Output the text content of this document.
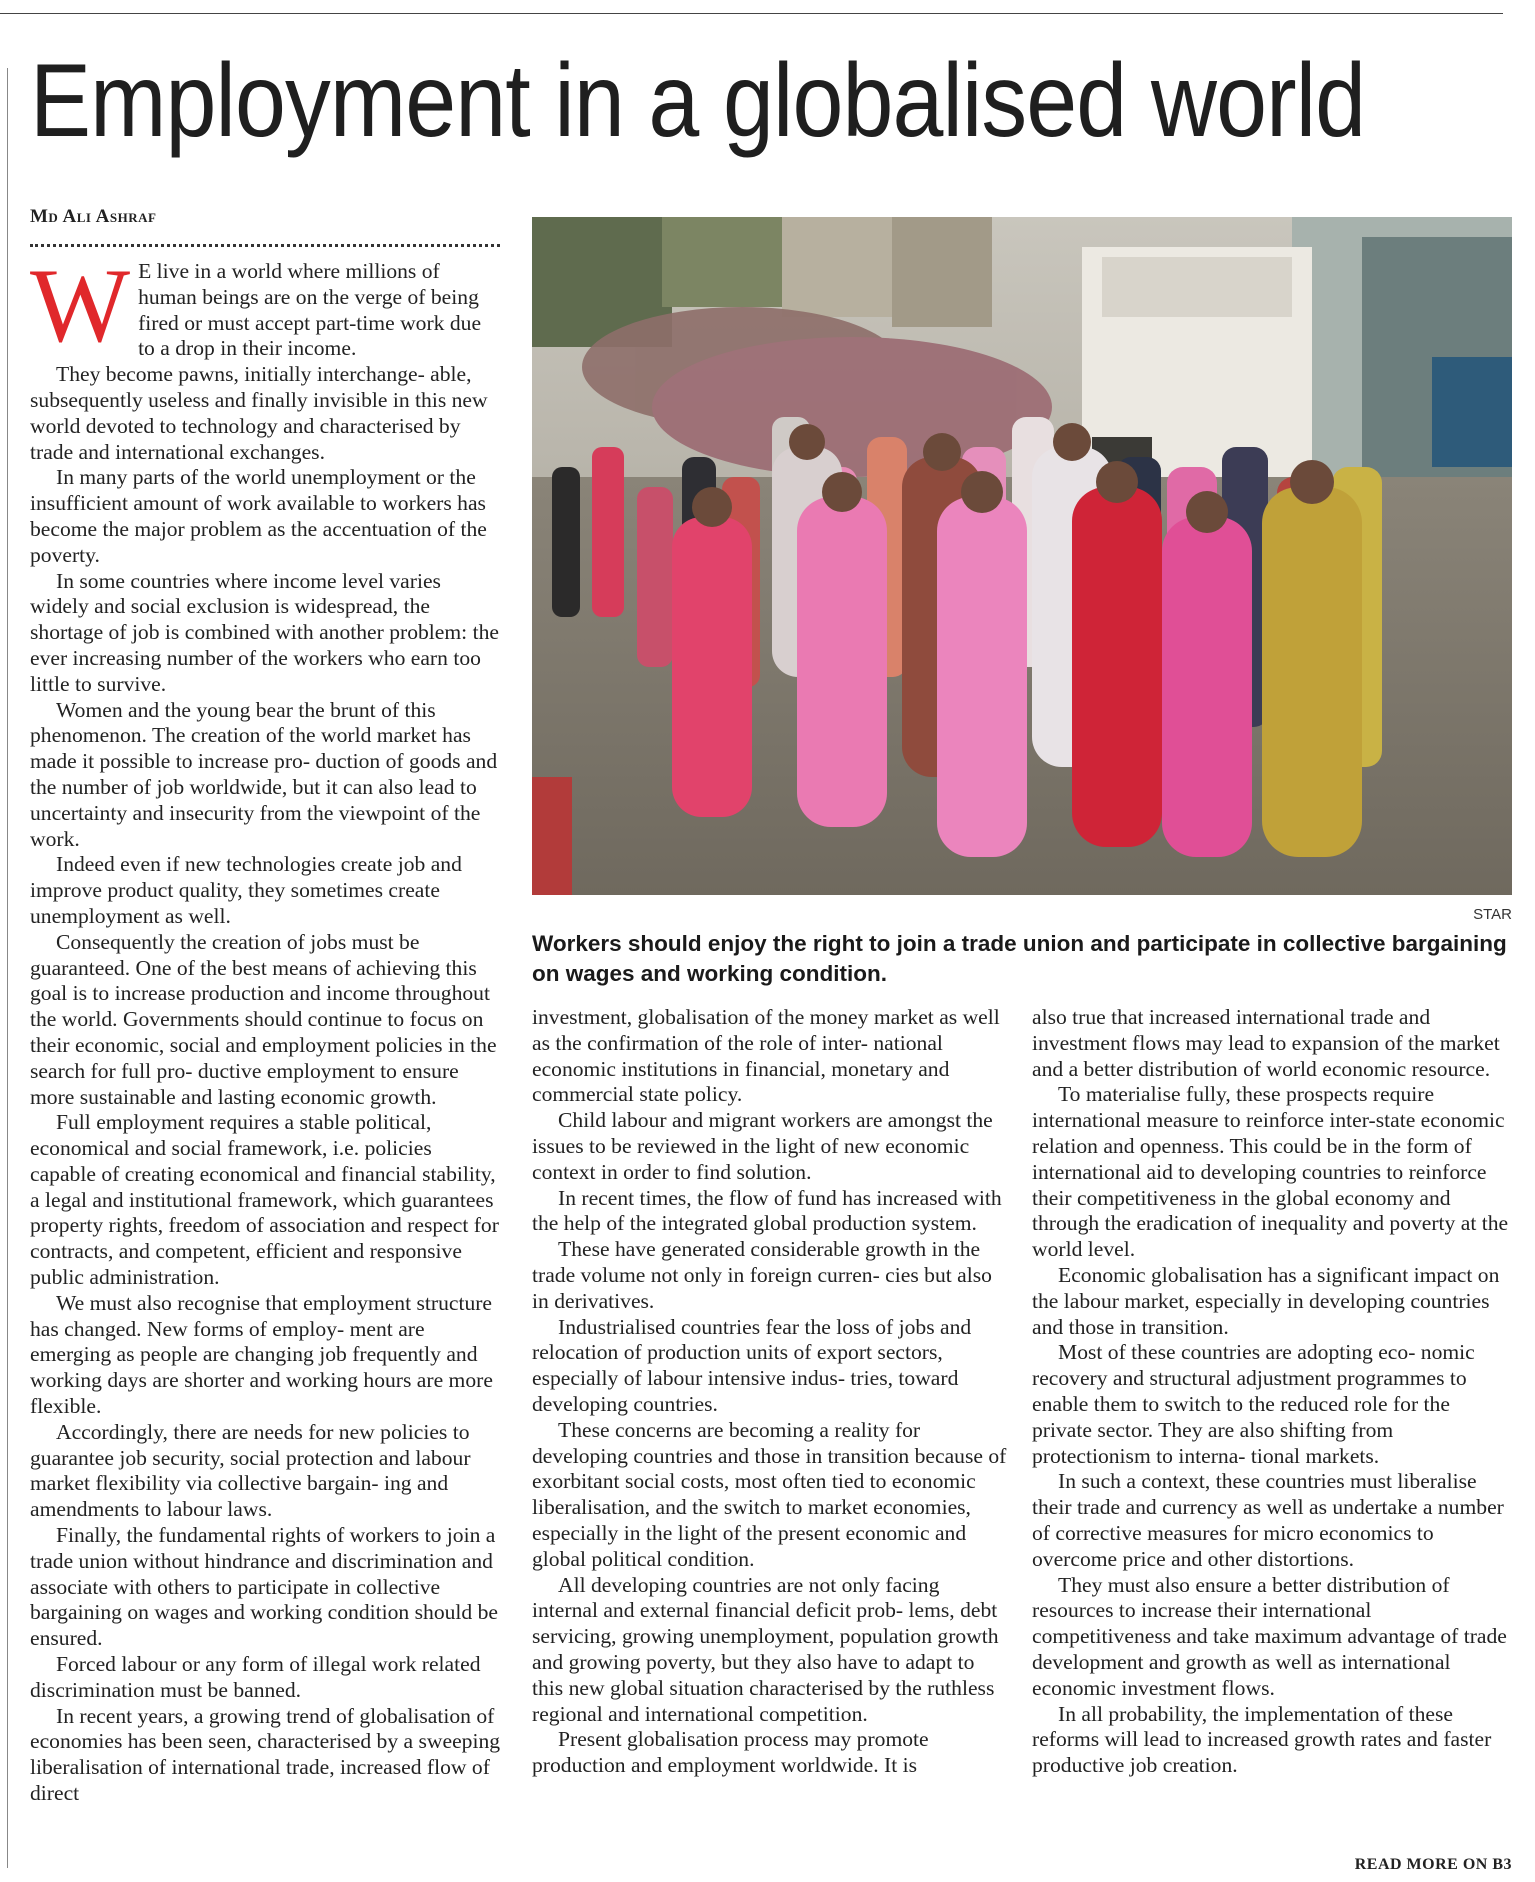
Employment in a globalised world
Md Ali Ashraf

W E live in a world where millions of human beings are on the verge of being fired or must accept part-time work due to a drop in their income.

They become pawns, initially interchange- able, subsequently useless and finally invisible in this new world devoted to technology and characterised by trade and international exchanges.

In many parts of the world unemployment or the insufficient amount of work available to workers has become the major problem as the accentuation of the poverty.

In some countries where income level varies widely and social exclusion is widespread, the shortage of job is combined with another problem: the ever increasing number of the workers who earn too little to survive.

Women and the young bear the brunt of this phenomenon. The creation of the world market has made it possible to increase pro- duction of goods and the number of job worldwide, but it can also lead to uncertainty and insecurity from the viewpoint of the work.

Indeed even if new technologies create job and improve product quality, they sometimes create unemployment as well.

Consequently the creation of jobs must be guaranteed. One of the best means of achieving this goal is to increase production and income throughout the world. Governments should continue to focus on their economic, social and employment policies in the search for full pro- ductive employment to ensure more sustainable and lasting economic growth.

Full employment requires a stable political, economical and social framework, i.e. policies capable of creating economical and financial stability, a legal and institutional framework, which guarantees property rights, freedom of association and respect for contracts, and competent, efficient and responsive public administration.

We must also recognise that employment structure has changed. New forms of employ- ment are emerging as people are changing job frequently and working days are shorter and working hours are more flexible.

Accordingly, there are needs for new policies to guarantee job security, social protection and labour market flexibility via collective bargain- ing and amendments to labour laws.

Finally, the fundamental rights of workers to join a trade union without hindrance and discrimination and associate with others to participate in collective bargaining on wages and working condition should be ensured.

Forced labour or any form of illegal work related discrimination must be banned.

In recent years, a growing trend of globalisation of economies has been seen, characterised by a sweeping liberalisation of international trade, increased flow of direct

STAR
Workers should enjoy the right to join a trade union and participate in collective bargaining on wages and working condition.

investment, globalisation of the money market as well as the confirmation of the role of inter- national economic institutions in financial, monetary and commercial state policy.

Child labour and migrant workers are amongst the issues to be reviewed in the light of new economic context in order to find solution.

In recent times, the flow of fund has increased with the help of the integrated global production system.

These have generated considerable growth in the trade volume not only in foreign curren- cies but also in derivatives.

Industrialised countries fear the loss of jobs and relocation of production units of export sectors, especially of labour intensive indus- tries, toward developing countries.

These concerns are becoming a reality for developing countries and those in transition because of exorbitant social costs, most often tied to economic liberalisation, and the switch to market economies, especially in the light of the present economic and global political condition.

All developing countries are not only facing internal and external financial deficit prob- lems, debt servicing, growing unemployment, population growth and growing poverty, but they also have to adapt to this new global situation characterised by the ruthless regional and international competition.

Present globalisation process may promote production and employment worldwide. It is

also true that increased international trade and investment flows may lead to expansion of the market and a better distribution of world economic resource.

To materialise fully, these prospects require international measure to reinforce inter-state economic relation and openness. This could be in the form of international aid to developing countries to reinforce their competitiveness in the global economy and through the eradication of inequality and poverty at the world level.

Economic globalisation has a significant impact on the labour market, especially in developing countries and those in transition.

Most of these countries are adopting eco- nomic recovery and structural adjustment programmes to enable them to switch to the reduced role for the private sector. They are also shifting from protectionism to interna- tional markets.

In such a context, these countries must liberalise their trade and currency as well as undertake a number of corrective measures for micro economics to overcome price and other distortions.

They must also ensure a better distribution of resources to increase their international competitiveness and take maximum advantage of trade development and growth as well as international economic investment flows.

In all probability, the implementation of these reforms will lead to increased growth rates and faster productive job creation.

READ MORE ON B3
